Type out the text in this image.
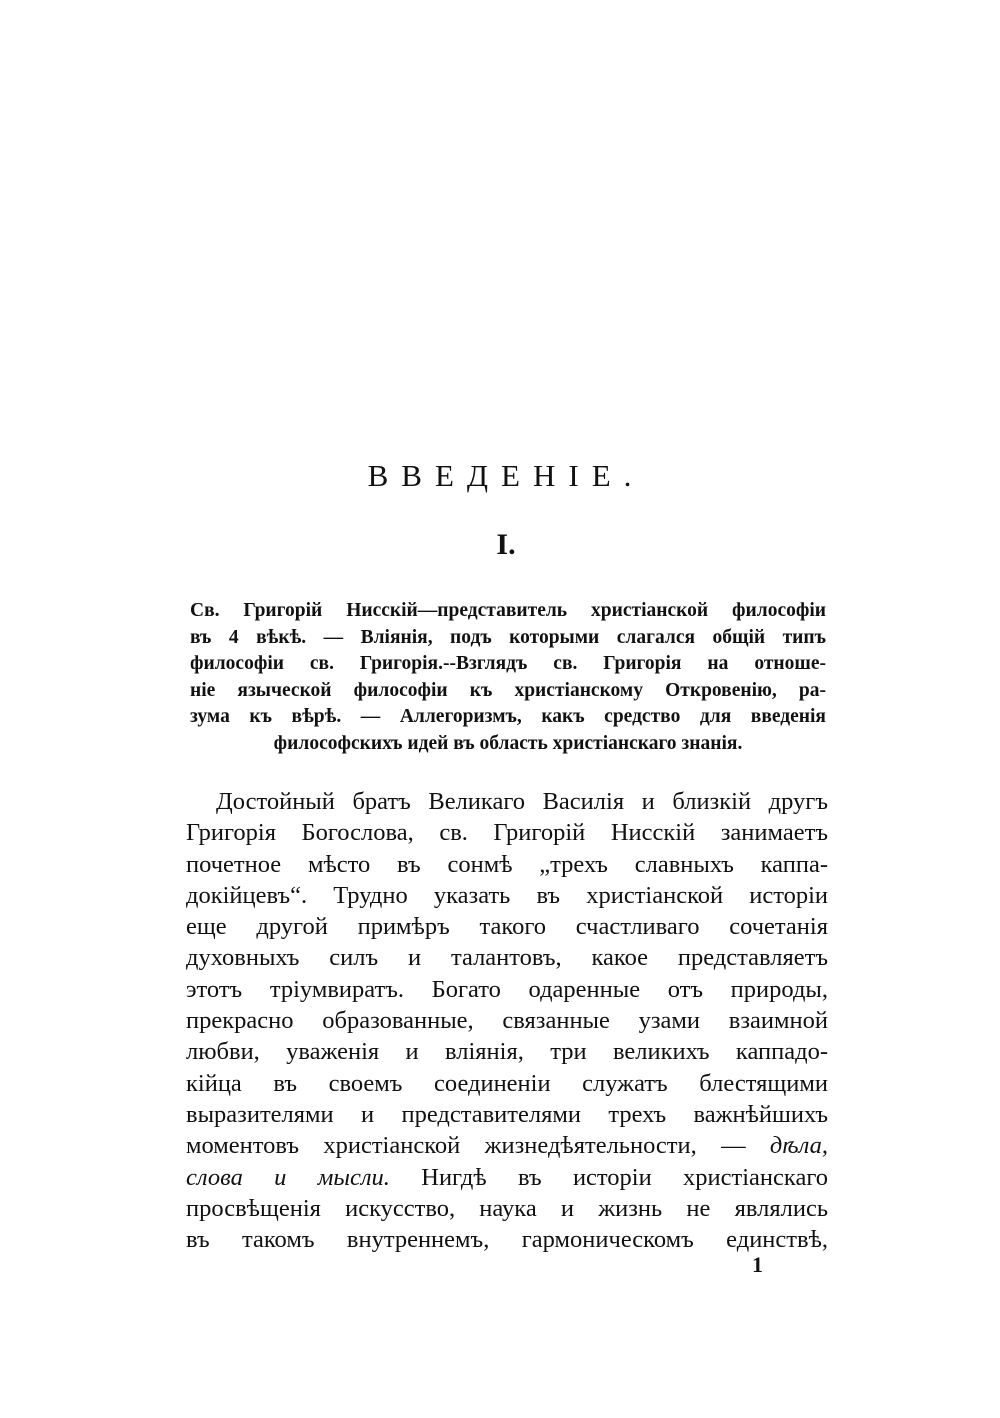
ВВЕДЕНІЕ.
I.
Св. Григорій Нисскій—представитель христіанской философіи
въ 4 вѣкѣ. — Вліянія, подъ которыми слагался общій типъ
философіи св. Григорія.--Взглядъ св. Григорія на отноше-
ніе языческой философіи къ христіанскому Откровенію, ра-
зума къ вѣрѣ. — Аллегоризмъ, какъ средство для введенія
философскихъ идей въ область христіанскаго знанія.
Достойный братъ Великаго Василія и близкій другъ
Григорія Богослова, св. Григорій Нисскій занимаетъ
почетное мѣсто въ сонмѣ „трехъ славныхъ каппа-
докійцевъ“. Трудно указать въ христіанской исторіи
еще другой примѣръ такого счастливаго сочетанія
духовныхъ силъ и талантовъ, какое представляетъ
этотъ тріумвиратъ. Богато одаренные отъ природы,
прекрасно образованные, связанные узами взаимной
любви, уваженія и вліянія, три великихъ каппадо-
кійца въ своемъ соединеніи служатъ блестящими
выразителями и представителями трехъ важнѣйшихъ
моментовъ христіанской жизнедѣятельности, — дѣла,
слова и мысли. Нигдѣ въ исторіи христіанскаго
просвѣщенія искусство, наука и жизнь не являлись
въ такомъ внутреннемъ, гармоническомъ единствѣ,
1
